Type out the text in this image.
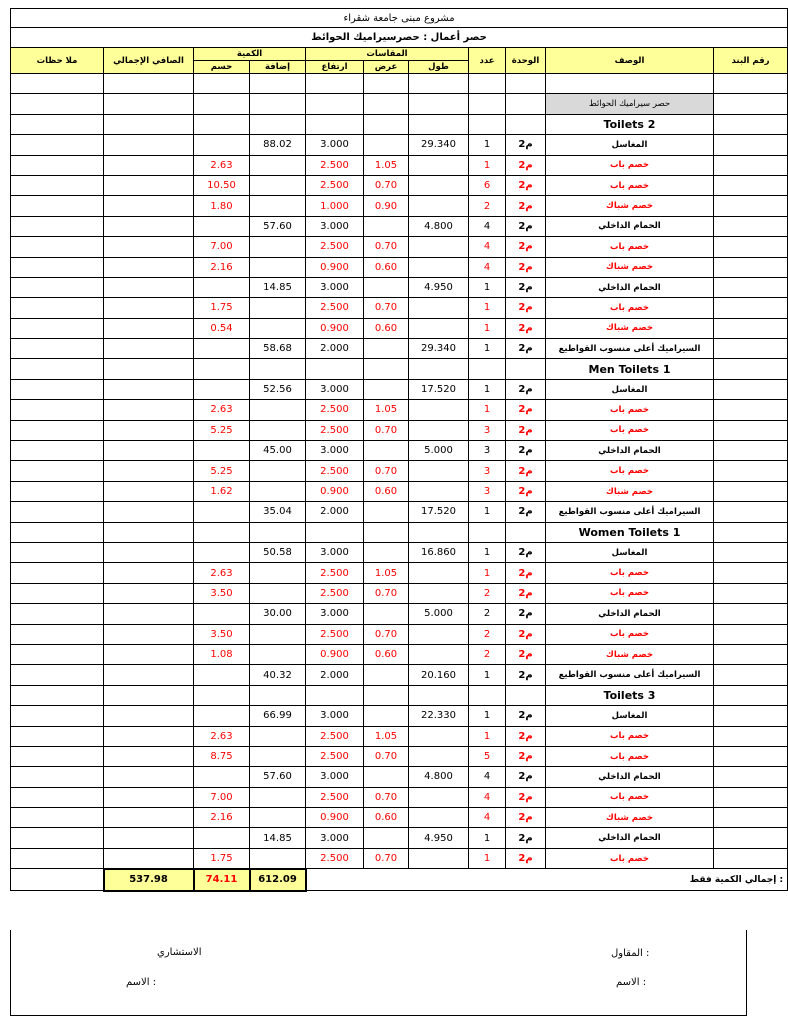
مشروع مبنى جامعة شقراء										
حصر أعمال : حصرسيراميك الحوائط										
ملا حظات	الصافي الإجمالي	الكمية		المقاسات			عدد	الوحدة	الوصف	رقم البند
		حسم	إضافة	ارتفاع	عرض	طول				

									حصر سيراميك الحوائط	
									Toilets 2	
			88.02	3.000		29.340	1	م2	المغاسل	
		2.63		2.500	1.05		1	م2	خصم باب	
		10.50		2.500	0.70		6	م2	خصم باب	
		1.80		1.000	0.90		2	م2	خصم شباك	
			57.60	3.000		4.800	4	م2	الحمام الداخلي	
		7.00		2.500	0.70		4	م2	خصم باب	
		2.16		0.900	0.60		4	م2	خصم شباك	
			14.85	3.000		4.950	1	م2	الحمام الداخلي	
		1.75		2.500	0.70		1	م2	خصم باب	
		0.54		0.900	0.60		1	م2	خصم شباك	
			58.68	2.000		29.340	1	م2	السيراميك أعلى منسوب القواطيع	
									Men Toilets 1	
			52.56	3.000		17.520	1	م2	المغاسل	
		2.63		2.500	1.05		1	م2	خصم باب	
		5.25		2.500	0.70		3	م2	خصم باب	
			45.00	3.000		5.000	3	م2	الحمام الداخلي	
		5.25		2.500	0.70		3	م2	خصم باب	
		1.62		0.900	0.60		3	م2	خصم شباك	
			35.04	2.000		17.520	1	م2	السيراميك أعلى منسوب القواطيع	
									Women Toilets 1	
			50.58	3.000		16.860	1	م2	المغاسل	
		2.63		2.500	1.05		1	م2	خصم باب	
		3.50		2.500	0.70		2	م2	خصم باب	
			30.00	3.000		5.000	2	م2	الحمام الداخلي	
		3.50		2.500	0.70		2	م2	خصم باب	
		1.08		0.900	0.60		2	م2	خصم شباك	
			40.32	2.000		20.160	1	م2	السيراميك أعلى منسوب القواطيع	
									Toilets 3	
			66.99	3.000		22.330	1	م2	المغاسل	
		2.63		2.500	1.05		1	م2	خصم باب	
		8.75		2.500	0.70		5	م2	خصم باب	
			57.60	3.000		4.800	4	م2	الحمام الداخلي	
		7.00		2.500	0.70		4	م2	خصم باب	
		2.16		0.900	0.60		4	م2	خصم شباك	
			14.85	3.000		4.950	1	م2	الحمام الداخلي	
		1.75		2.500	0.70		1	م2	خصم باب	
	537.98	74.11	612.09	إجمالي الكمية فقط :						
الاستشاري	المقاول :
الاسم :	الاسم :
